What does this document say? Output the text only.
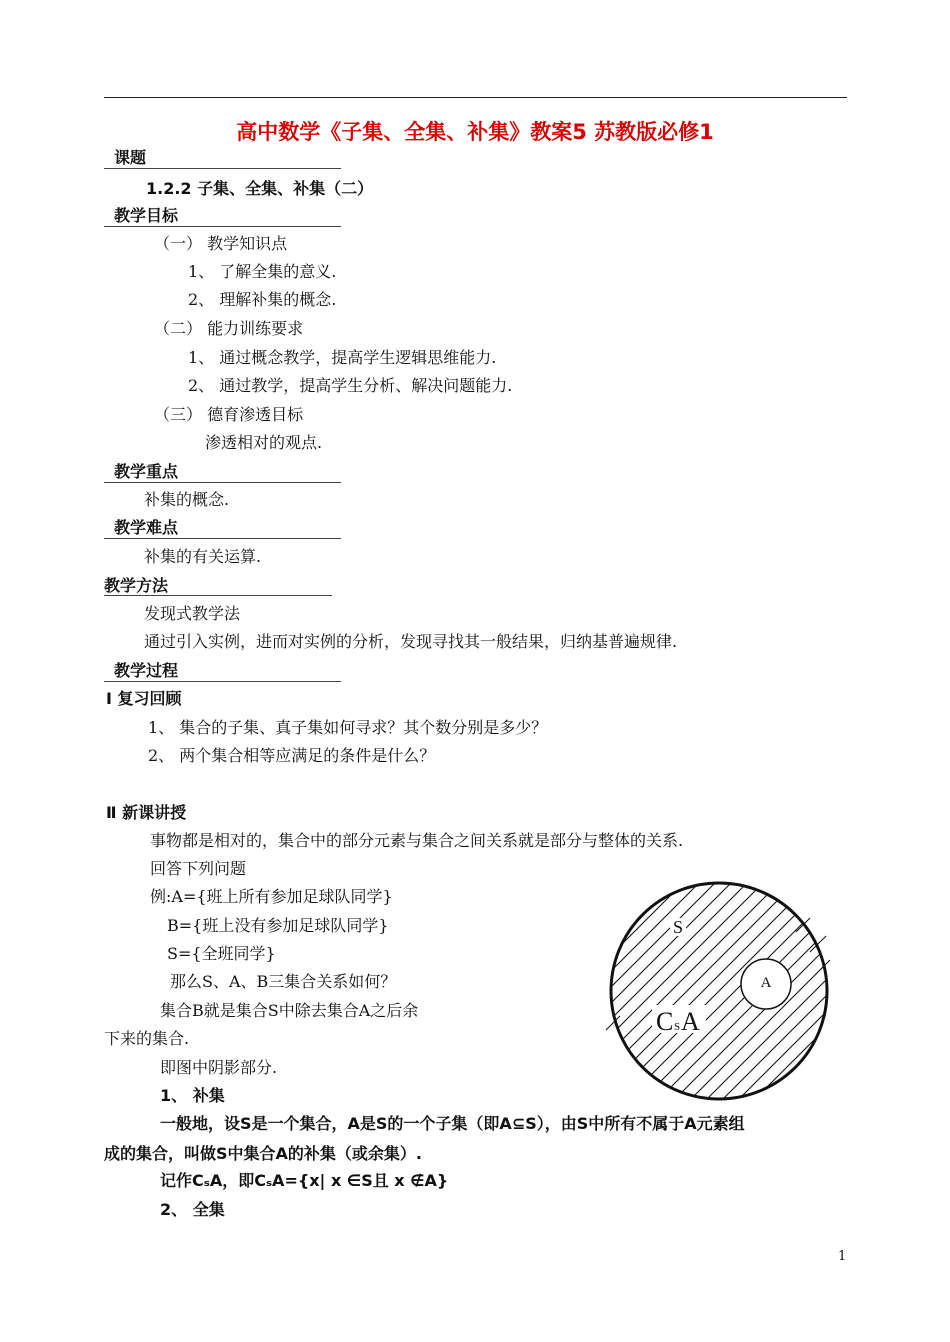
高中数学《子集、全集、补集》教案5 苏教版必修1
课题
1.2.2 子集、全集、补集（二）
教学目标
（一） 教学知识点
1、 了解全集的意义.
2、 理解补集的概念.
（二） 能力训练要求
1、 通过概念教学，提高学生逻辑思维能力.
2、 通过教学，提高学生分析、解决问题能力.
（三） 德育渗透目标
渗透相对的观点.
教学重点
补集的概念.
教学难点
补集的有关运算.
教学方法
发现式教学法
通过引入实例，进而对实例的分析，发现寻找其一般结果，归纳基普遍规律.
教学过程
Ⅰ 复习回顾
1、 集合的子集、真子集如何寻求？其个数分别是多少？
2、 两个集合相等应满足的条件是什么？
Ⅱ 新课讲授
事物都是相对的，集合中的部分元素与集合之间关系就是部分与整体的关系.
回答下列问题
例:A={班上所有参加足球队同学}
B={班上没有参加足球队同学}
S={全班同学}
那么S、A、B三集合关系如何？
集合B就是集合S中除去集合A之后余
下来的集合.
即图中阴影部分.
1、 补集
一般地，设S是一个集合，A是S的一个子集（即A⊆S），由S中所有不属于A元素组
成的集合，叫做S中集合A的补集（或余集）.
记作CₛA，即CₛA={x| x ∈S且 x ∉A}
2、 全集
S
A
C S A
1
